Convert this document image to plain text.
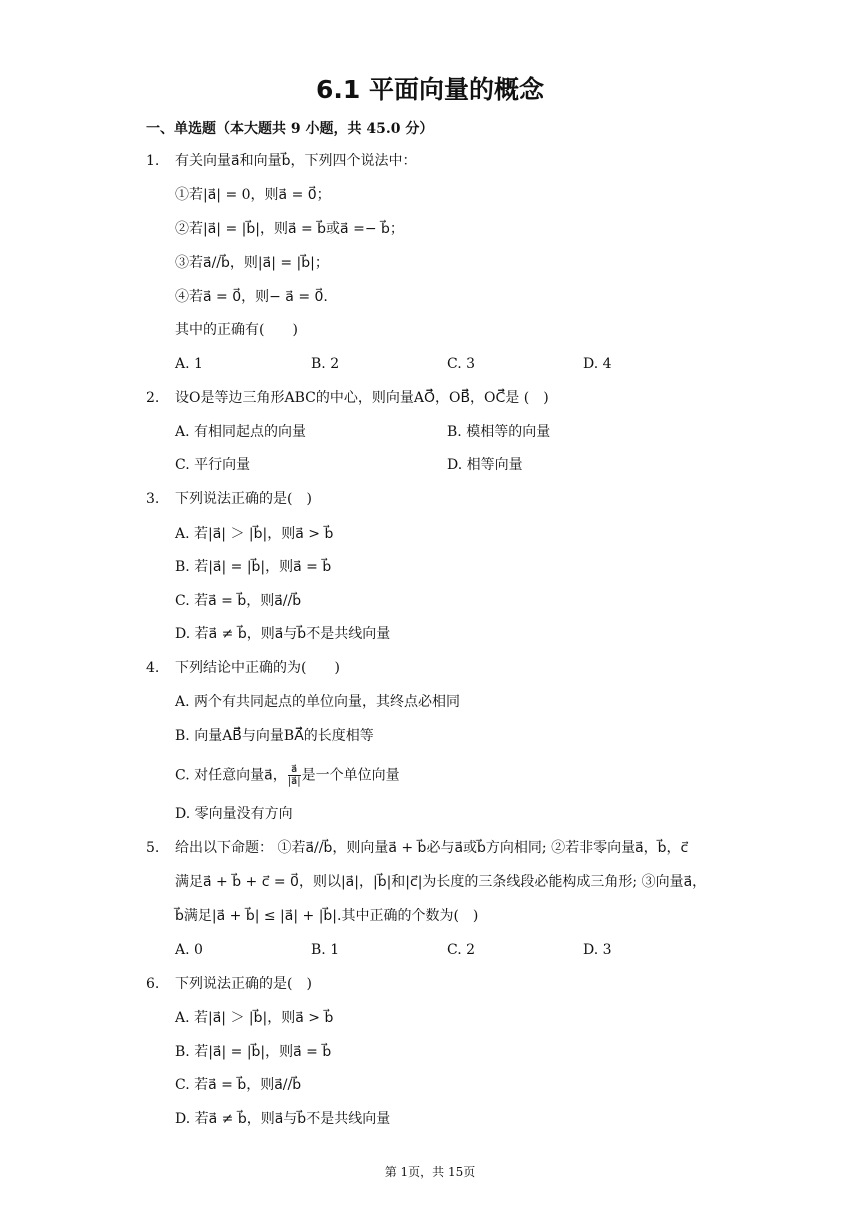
6.1 平面向量的概念
一、单选题（本大题共 9 小题，共 45.0 分）
1. 有关向量a⃗和向量b⃗，下列四个说法中：
①若|a⃗| = 0，则a⃗ = 0⃗；
②若|a⃗| = |b⃗|，则a⃗ = b⃗或a⃗ =− b⃗；
③若a⃗//b⃗，则|a⃗| = |b⃗|；
④若a⃗ = 0⃗，则− a⃗ = 0⃗.
其中的正确有(　　)
A. 1	B. 2	C. 3	D. 4
2. 设O是等边三角形ABC的中心，则向量AO⃗⃗⃗⃗⃗，OB⃗⃗⃗⃗⃗，OC⃗⃗⃗⃗⃗是 (　)
A. 有相同起点的向量	B. 模相等的向量
C. 平行向量	D. 相等向量
3. 下列说法正确的是(　)
A. 若|a⃗| ＞ |b⃗|，则a⃗ > b⃗
B. 若|a⃗| = |b⃗|，则a⃗ = b⃗
C. 若a⃗ = b⃗，则a⃗//b⃗
D. 若a⃗ ≠ b⃗，则a⃗与b⃗不是共线向量
4. 下列结论中正确的为(　　)
A. 两个有共同起点的单位向量，其终点必相同
B. 向量AB⃗⃗⃗⃗⃗与向量BA⃗⃗⃗⃗⃗的长度相等
C. 对任意向量a⃗， $\frac{a⃗}{|a⃗|}$ 是一个单位向量
D. 零向量没有方向
5. 给出以下命题： ①若a⃗//b⃗，则向量a⃗ + b⃗必与a⃗或b⃗方向相同; ②若非零向量a⃗，b⃗，c⃗
满足a⃗ + b⃗ + c⃗ = 0⃗，则以|a⃗|，|b⃗|和|c⃗|为长度的三条线段必能构成三角形; ③向量a⃗，
b⃗满足|a⃗ + b⃗| ≤ |a⃗| + |b⃗|.其中正确的个数为(　)
A. 0	B. 1	C. 2	D. 3
6. 下列说法正确的是(　)
A. 若|a⃗| ＞ |b⃗|，则a⃗ > b⃗
B. 若|a⃗| = |b⃗|，则a⃗ = b⃗
C. 若a⃗ = b⃗，则a⃗//b⃗
D. 若a⃗ ≠ b⃗，则a⃗与b⃗不是共线向量
第 1页，共 15页
